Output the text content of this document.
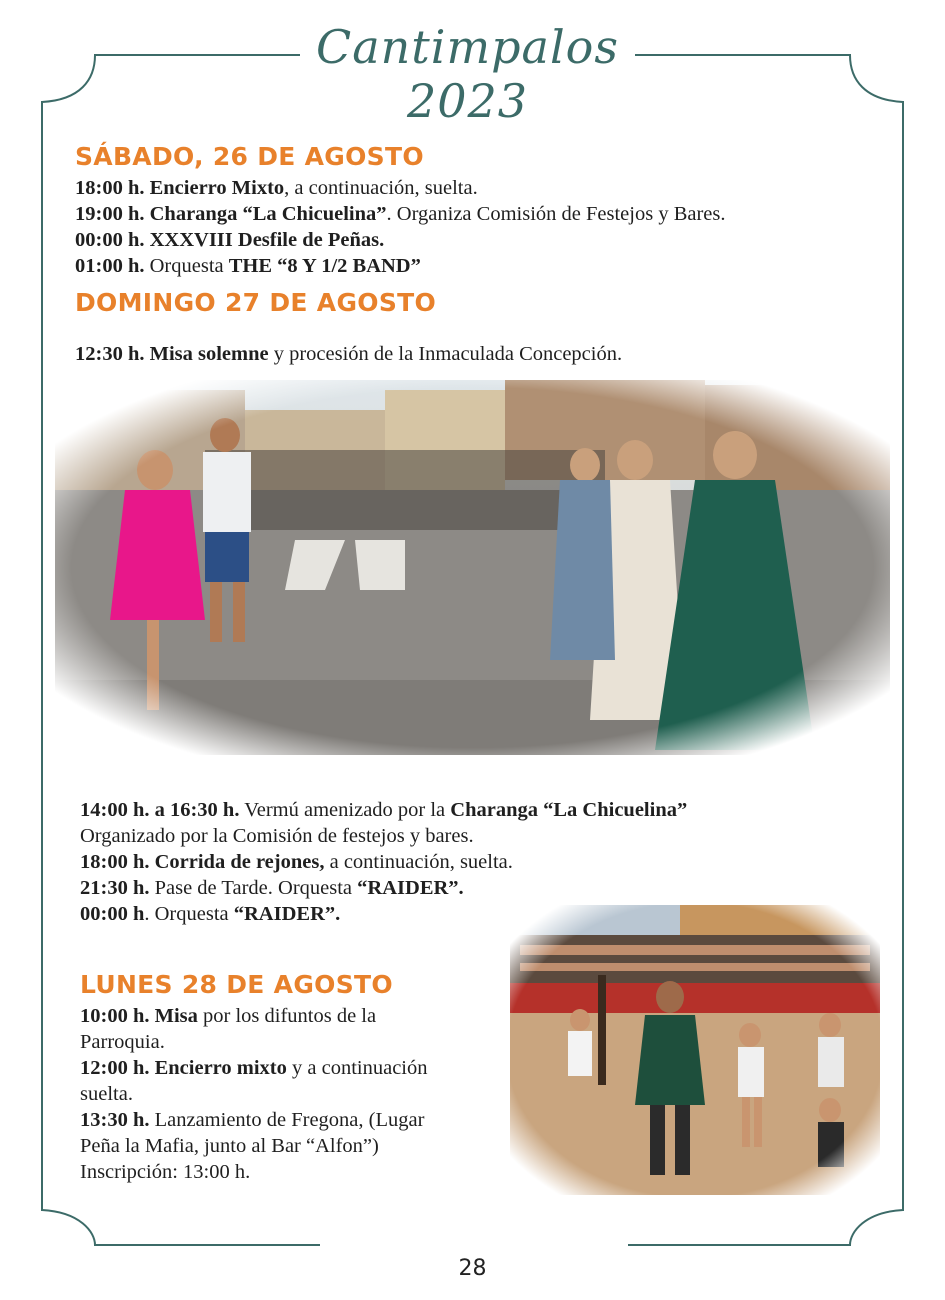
Cantimpalos 2023
SÁBADO, 26 DE AGOSTO
18:00 h. Encierro Mixto, a continuación, suelta.
19:00 h. Charanga “La Chicuelina”. Organiza Comisión de Festejos y Bares.
00:00 h. XXXVIII Desfile de Peñas.
01:00 h. Orquesta THE “8 Y 1/2 BAND”
DOMINGO 27 DE AGOSTO
12:30 h. Misa solemne y procesión de la Inmaculada Concepción.
14:00 h. a 16:30 h. Vermú amenizado por la Charanga “La Chicuelina”
Organizado por la Comisión de festejos y bares.
18:00 h. Corrida de rejones, a continuación, suelta.
21:30 h. Pase de Tarde. Orquesta “RAIDER”.
00:00 h. Orquesta “RAIDER”.
LUNES 28 DE AGOSTO
10:00 h. Misa por los difuntos de la
Parroquia.
12:00 h. Encierro mixto y a continuación
suelta.
13:30 h. Lanzamiento de Fregona, (Lugar
Peña la Mafia, junto al Bar “Alfon”)
Inscripción: 13:00 h.
28
